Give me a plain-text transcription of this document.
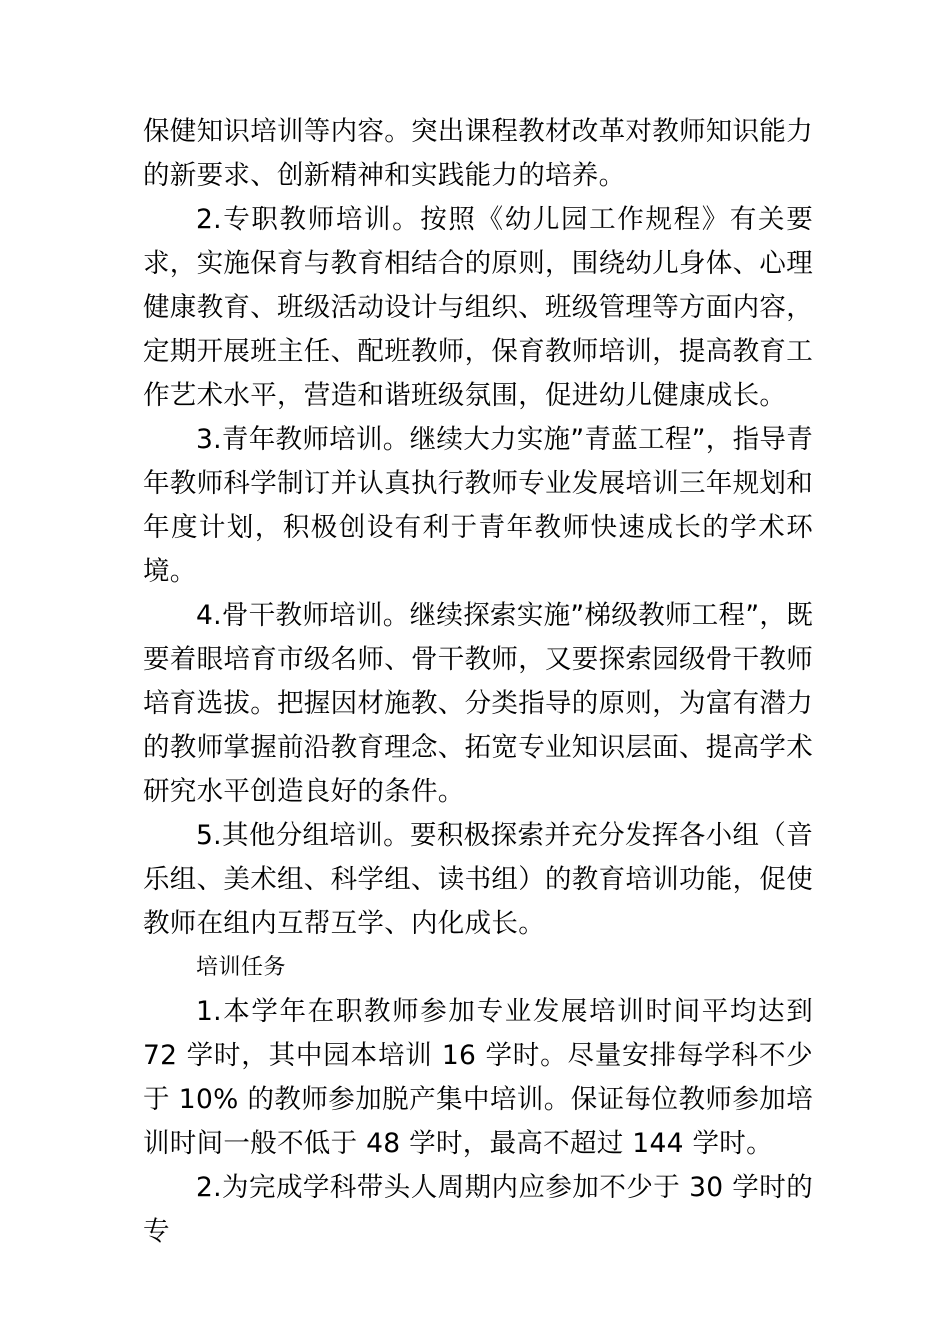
保健知识培训等内容。突出课程教材改革对教师知识能力的新要求、创新精神和实践能力的培养。

2.专职教师培训。按照《幼儿园工作规程》有关要求，实施保育与教育相结合的原则，围绕幼儿身体、心理健康教育、班级活动设计与组织、班级管理等方面内容，定期开展班主任、配班教师，保育教师培训，提高教育工作艺术水平，营造和谐班级氛围，促进幼儿健康成长。

3.青年教师培训。继续大力实施”青蓝工程”，指导青年教师科学制订并认真执行教师专业发展培训三年规划和年度计划，积极创设有利于青年教师快速成长的学术环境。

4.骨干教师培训。继续探索实施”梯级教师工程”，既要着眼培育市级名师、骨干教师，又要探索园级骨干教师培育选拔。把握因材施教、分类指导的原则，为富有潜力的教师掌握前沿教育理念、拓宽专业知识层面、提高学术研究水平创造良好的条件。

5.其他分组培训。要积极探索并充分发挥各小组（音乐组、美术组、科学组、读书组）的教育培训功能，促使教师在组内互帮互学、内化成长。

培训任务

1.本学年在职教师参加专业发展培训时间平均达到 72 学时，其中园本培训 16 学时。尽量安排每学科不少于 10% 的教师参加脱产集中培训。保证每位教师参加培训时间一般不低于 48 学时，最高不超过 144 学时。

2.为完成学科带头人周期内应参加不少于 30 学时的专
